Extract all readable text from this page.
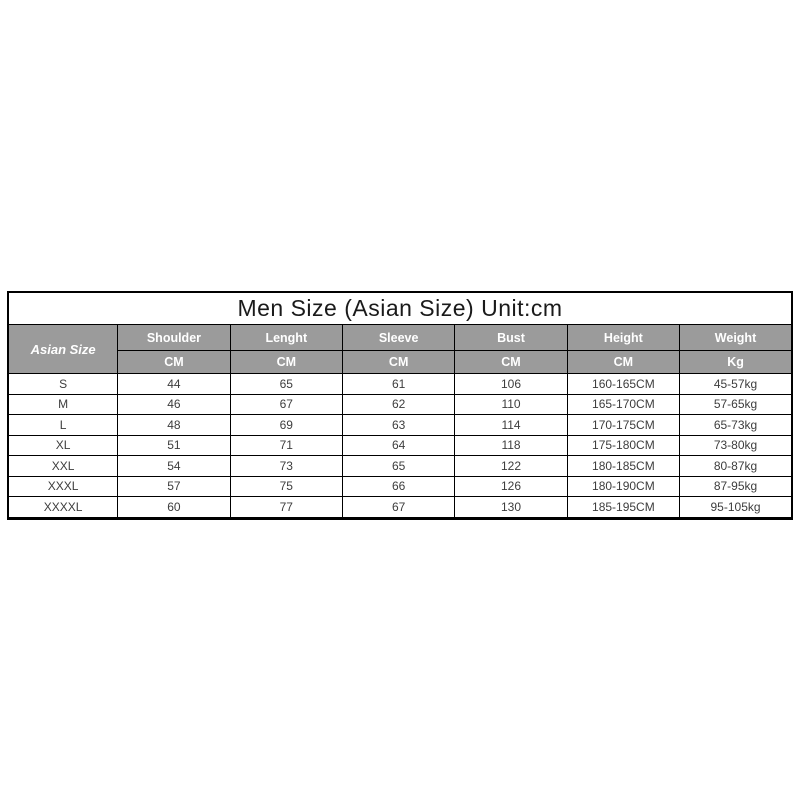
Men Size (Asian Size) Unit:cm						
Asian Size	Shoulder	Lenght	Sleeve	Bust	Height	Weight
	CM	CM	CM	CM	CM	Kg
S	44	65	61	106	160-165CM	45-57kg
M	46	67	62	110	165-170CM	57-65kg
L	48	69	63	114	170-175CM	65-73kg
XL	51	71	64	118	175-180CM	73-80kg
XXL	54	73	65	122	180-185CM	80-87kg
XXXL	57	75	66	126	180-190CM	87-95kg
XXXXL	60	77	67	130	185-195CM	95-105kg
